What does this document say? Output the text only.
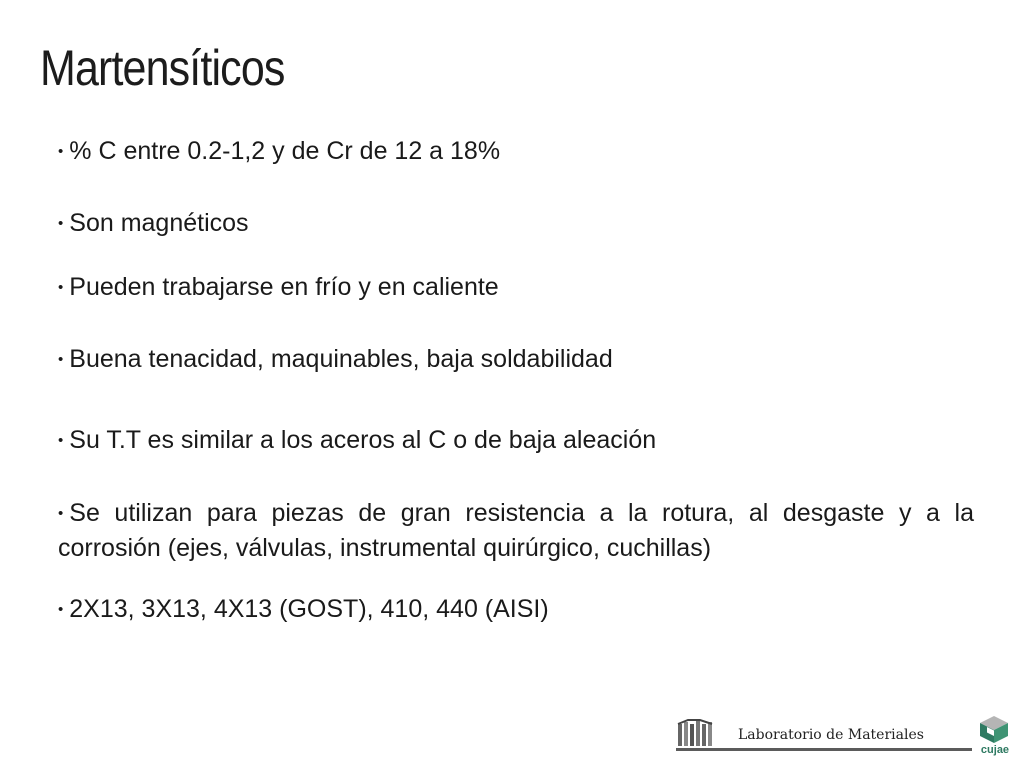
Martensíticos
• % C entre 0.2-1,2 y de Cr de 12 a 18%
• Son magnéticos
• Pueden trabajarse en frío y en caliente
• Buena tenacidad, maquinables, baja soldabilidad
• Su T.T es similar a los aceros al C o de baja aleación
• Se utilizan para piezas de gran resistencia a la rotura, al desgaste y a la corrosión (ejes, válvulas, instrumental quirúrgico, cuchillas)
• 2X13, 3X13, 4X13 (GOST), 410, 440 (AISI)
Laboratorio de Materiales
cujae
